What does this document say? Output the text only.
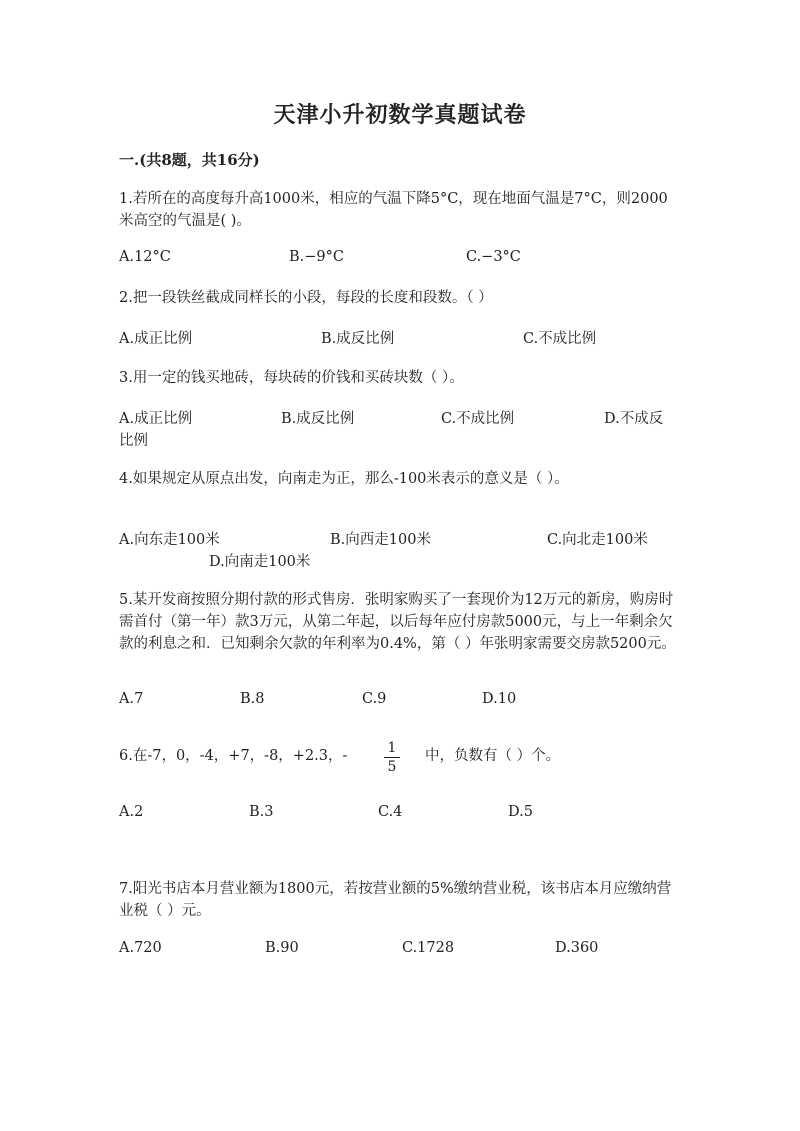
天津小升初数学真题试卷
一.(共8题，共16分)
1.若所在的高度每升高1000米，相应的气温下降5°C，现在地面气温是7°C，则2000米高空的气温是( )。
A.12°C	B.−9°C	C.−3°C
2.把一段铁丝截成同样长的小段，每段的长度和段数。（ ）
A.成正比例	B.成反比例	C.不成比例
3.用一定的钱买地砖，每块砖的价钱和买砖块数（ ）。
A.成正比例	B.成反比例	C.不成比例	D.不成反
比例
4.如果规定从原点出发，向南走为正，那么-100米表示的意义是（ ）。
A.向东走100米	B.向西走100米	C.向北走100米
D.向南走100米
5.某开发商按照分期付款的形式售房．张明家购买了一套现价为12万元的新房，购房时需首付（第一年）款3万元，从第二年起，以后每年应付房款5000元，与上一年剩余欠款的利息之和．已知剩余欠款的年利率为0.4%，第（ ）年张明家需要交房款5200元。
A.7	B.8	C.9	D.10
6.在-7，0，-4，+7，-8，+2.3，-	$\frac{1}{5}$ 中，负数有（ ）个。
A.2	B.3	C.4	D.5
7.阳光书店本月营业额为1800元，若按营业额的5%缴纳营业税，该书店本月应缴纳营业税（ ）元。
A.720	B.90	C.1728	D.360
